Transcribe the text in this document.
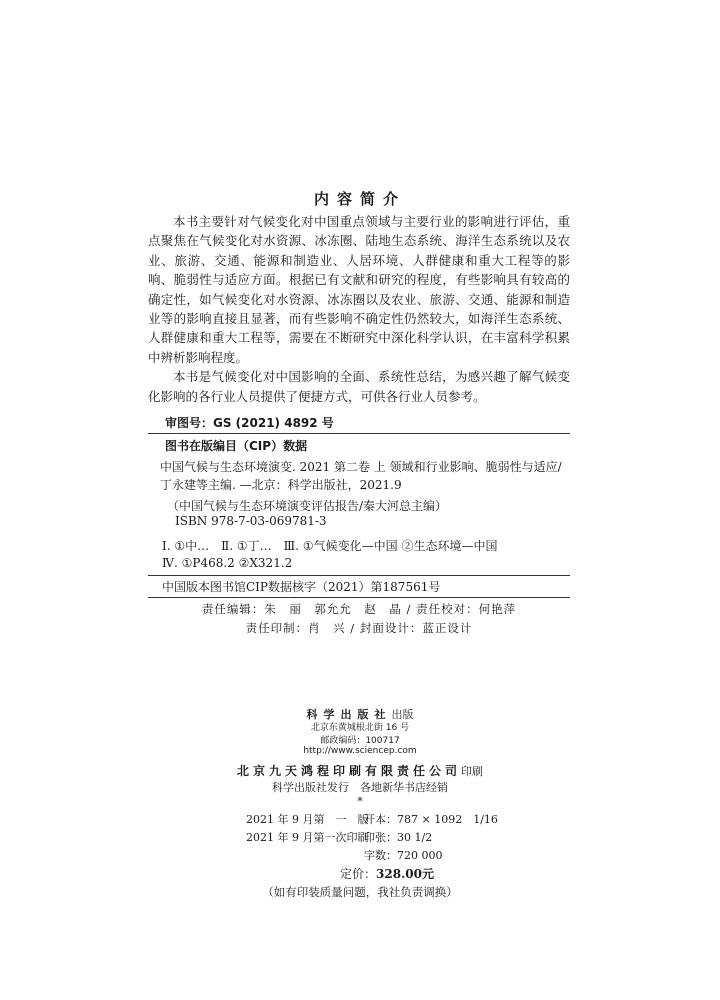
内容简介

本书主要针对气候变化对中国重点领域与主要行业的影响进行评估，重点聚焦在气候变化对水资源、冰冻圈、陆地生态系统、海洋生态系统以及农业、旅游、交通、能源和制造业、人居环境、人群健康和重大工程等的影响、脆弱性与适应方面。根据已有文献和研究的程度，有些影响具有较高的确定性，如气候变化对水资源、冰冻圈以及农业、旅游、交通、能源和制造业等的影响直接且显著，而有些影响不确定性仍然较大，如海洋生态系统、人群健康和重大工程等，需要在不断研究中深化科学认识，在丰富科学积累中辨析影响程度。

本书是气候变化对中国影响的全面、系统性总结，为感兴趣了解气候变化影响的各行业人员提供了便捷方式，可供各行业人员参考。

审图号：GS (2021) 4892 号
图书在版编目（CIP）数据
中国气候与生态环境演变. 2021 第二卷 上 领域和行业影响、脆弱性与适应/丁永建等主编. —北京：科学出版社，2021.9
（中国气候与生态环境演变评估报告/秦大河总主编）
ISBN 978-7-03-069781-3
Ⅰ. ①中…　Ⅱ. ①丁…　Ⅲ. ①气候变化—中国 ②生态环境—中国
Ⅳ. ①P468.2 ②X321.2
中国版本图书馆CIP数据核字（2021）第187561号
责任编辑：朱　丽　郭允允　赵　晶 / 责任校对：何艳萍
责任印制：肖　兴 / 封面设计：蓝正设计
科学出版社出版
北京东黄城根北街 16 号
邮政编码：100717
http://www.sciencep.com
北京九天鸿程印刷有限责任公司印刷
科学出版社发行　各地新华书店经销
*
2021 年 9 月第　一　版
开本：787 × 1092　1/16
2021 年 9 月第一次印刷
印张：30 1/2
字数：720 000
定价：328.00元
（如有印装质量问题，我社负责调换）
